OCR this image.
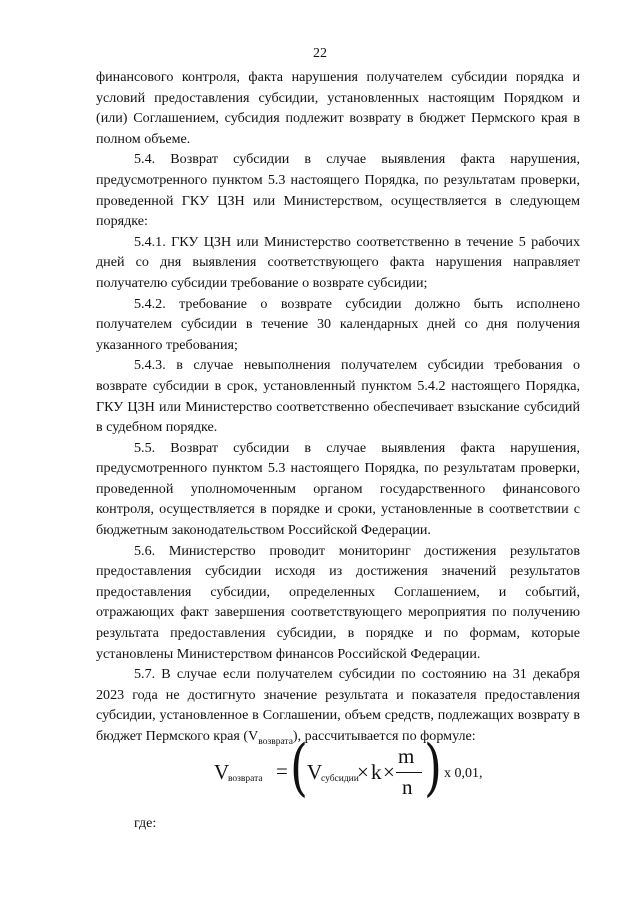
22

финансового контроля, факта нарушения получателем субсидии порядка и условий предоставления субсидии, установленных настоящим Порядком и (или) Соглашением, субсидия подлежит возврату в бюджет Пермского края в полном объеме.

5.4. Возврат субсидии в случае выявления факта нарушения, предусмотренного пунктом 5.3 настоящего Порядка, по результатам проверки, проведенной ГКУ ЦЗН или Министерством, осуществляется в следующем порядке:

5.4.1. ГКУ ЦЗН или Министерство соответственно в течение 5 рабочих дней со дня выявления соответствующего факта нарушения направляет получателю субсидии требование о возврате субсидии;

5.4.2. требование о возврате субсидии должно быть исполнено получателем субсидии в течение 30 календарных дней со дня получения указанного требования;

5.4.3. в случае невыполнения получателем субсидии требования о возврате субсидии в срок, установленный пунктом 5.4.2 настоящего Порядка, ГКУ ЦЗН или Министерство соответственно обеспечивает взыскание субсидий в судебном порядке.

5.5. Возврат субсидии в случае выявления факта нарушения, предусмотренного пунктом 5.3 настоящего Порядка, по результатам проверки, проведенной уполномоченным органом государственного финансового контроля, осуществляется в порядке и сроки, установленные в соответствии с бюджетным законодательством Российской Федерации.

5.6. Министерство проводит мониторинг достижения результатов предоставления субсидии исходя из достижения значений результатов предоставления субсидии, определенных Соглашением, и событий, отражающих факт завершения соответствующего мероприятия по получению результата предоставления субсидии, в порядке и по формам, которые установлены Министерством финансов Российской Федерации.

5.7. В случае если получателем субсидии по состоянию на 31 декабря 2023 года не достигнуто значение результата и показателя предоставления субсидии, установленное в Соглашении, объем средств, подлежащих возврату в бюджет Пермского края $(V_{возврата})$, рассчитывается по формуле:

V
возврата = ( V
субсидии
× k ×
m
n ) x 0,01,
где:
